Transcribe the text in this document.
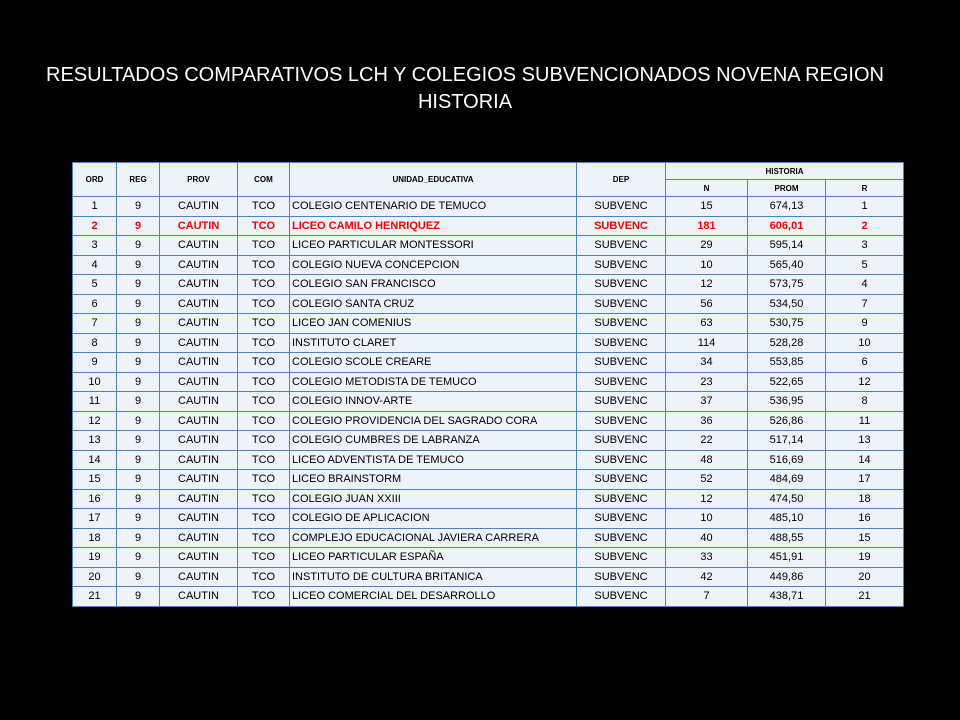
RESULTADOS COMPARATIVOS LCH Y COLEGIOS SUBVENCIONADOS NOVENA REGION
HISTORIA
ORD	REG	PROV	COM	UNIDAD_EDUCATIVA	DEP	HISTORIA		
						N	PROM	R
1	9	CAUTIN	TCO	COLEGIO CENTENARIO DE TEMUCO	SUBVENC	15	674,13	1
2	9	CAUTIN	TCO	LICEO CAMILO HENRIQUEZ	SUBVENC	181	606,01	2
3	9	CAUTIN	TCO	LICEO PARTICULAR MONTESSORI	SUBVENC	29	595,14	3
4	9	CAUTIN	TCO	COLEGIO NUEVA CONCEPCION	SUBVENC	10	565,40	5
5	9	CAUTIN	TCO	COLEGIO SAN FRANCISCO	SUBVENC	12	573,75	4
6	9	CAUTIN	TCO	COLEGIO SANTA CRUZ	SUBVENC	56	534,50	7
7	9	CAUTIN	TCO	LICEO JAN COMENIUS	SUBVENC	63	530,75	9
8	9	CAUTIN	TCO	INSTITUTO CLARET	SUBVENC	114	528,28	10
9	9	CAUTIN	TCO	COLEGIO SCOLE CREARE	SUBVENC	34	553,85	6
10	9	CAUTIN	TCO	COLEGIO METODISTA DE TEMUCO	SUBVENC	23	522,65	12
11	9	CAUTIN	TCO	COLEGIO INNOV-ARTE	SUBVENC	37	536,95	8
12	9	CAUTIN	TCO	COLEGIO PROVIDENCIA DEL SAGRADO CORA	SUBVENC	36	526,86	11
13	9	CAUTIN	TCO	COLEGIO CUMBRES DE LABRANZA	SUBVENC	22	517,14	13
14	9	CAUTIN	TCO	LICEO ADVENTISTA DE TEMUCO	SUBVENC	48	516,69	14
15	9	CAUTIN	TCO	LICEO BRAINSTORM	SUBVENC	52	484,69	17
16	9	CAUTIN	TCO	COLEGIO JUAN XXIII	SUBVENC	12	474,50	18
17	9	CAUTIN	TCO	COLEGIO DE APLICACION	SUBVENC	10	485,10	16
18	9	CAUTIN	TCO	COMPLEJO EDUCACIONAL JAVIERA CARRERA	SUBVENC	40	488,55	15
19	9	CAUTIN	TCO	LICEO PARTICULAR ESPAÑA	SUBVENC	33	451,91	19
20	9	CAUTIN	TCO	INSTITUTO DE CULTURA BRITANICA	SUBVENC	42	449,86	20
21	9	CAUTIN	TCO	LICEO COMERCIAL DEL DESARROLLO	SUBVENC	7	438,71	21
